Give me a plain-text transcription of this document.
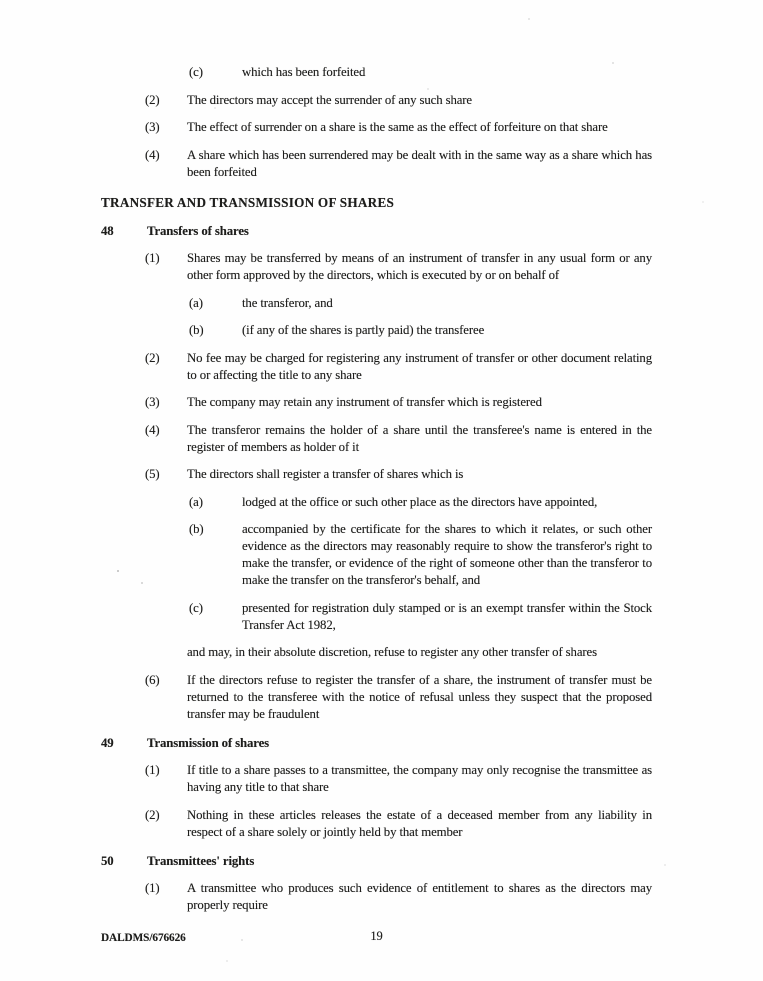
(c)	which has been forfeited
(2)	The directors may accept the surrender of any such share
(3)	The effect of surrender on a share is the same as the effect of forfeiture on that share
(4)	A share which has been surrendered may be dealt with in the same way as a share which has been forfeited
TRANSFER AND TRANSMISSION OF SHARES
48	Transfers of shares
(1)	Shares may be transferred by means of an instrument of transfer in any usual form or any other form approved by the directors, which is executed by or on behalf of
(a)	the transferor, and
(b)	(if any of the shares is partly paid) the transferee
(2)	No fee may be charged for registering any instrument of transfer or other document relating to or affecting the title to any share
(3)	The company may retain any instrument of transfer which is registered
(4)	The transferor remains the holder of a share until the transferee's name is entered in the register of members as holder of it
(5)	The directors shall register a transfer of shares which is
(a)	lodged at the office or such other place as the directors have appointed,
(b)	accompanied by the certificate for the shares to which it relates, or such other evidence as the directors may reasonably require to show the transferor's right to make the transfer, or evidence of the right of someone other than the transferor to make the transfer on the transferor's behalf, and
(c)	presented for registration duly stamped or is an exempt transfer within the Stock Transfer Act 1982,
and may, in their absolute discretion, refuse to register any other transfer of shares
(6)	If the directors refuse to register the transfer of a share, the instrument of transfer must be returned to the transferee with the notice of refusal unless they suspect that the proposed transfer may be fraudulent
49	Transmission of shares
(1)	If title to a share passes to a transmittee, the company may only recognise the transmittee as having any title to that share
(2)	Nothing in these articles releases the estate of a deceased member from any liability in respect of a share solely or jointly held by that member
50	Transmittees' rights
(1)	A transmittee who produces such evidence of entitlement to shares as the directors may properly require
DALDMS/676626	19
